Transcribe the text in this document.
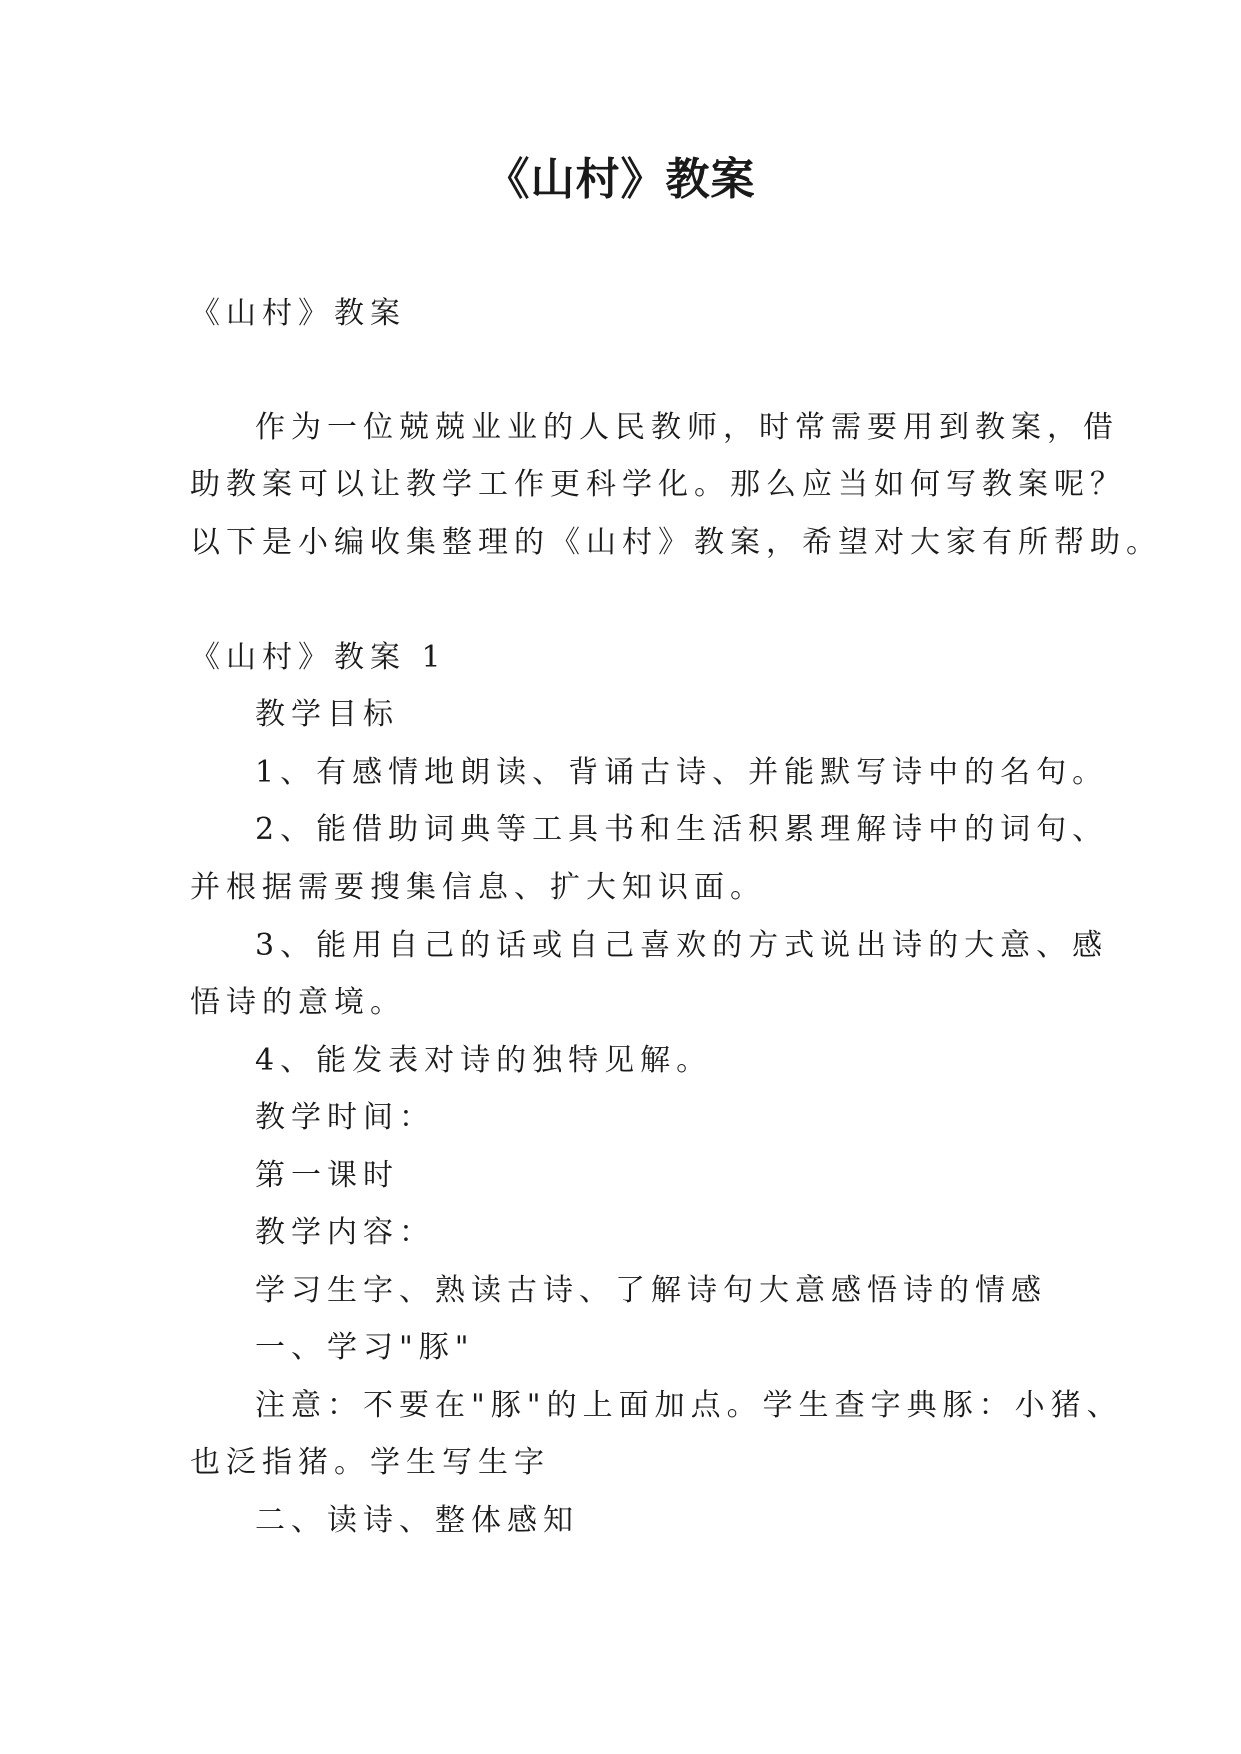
《山村》教案
《山村》教案
作为一位兢兢业业的人民教师，时常需要用到教案，借
助教案可以让教学工作更科学化。那么应当如何写教案呢？
以下是小编收集整理的《山村》教案，希望对大家有所帮助。
《山村》教案 1
教学目标
1、有感情地朗读、背诵古诗、并能默写诗中的名句。
2、能借助词典等工具书和生活积累理解诗中的词句、
并根据需要搜集信息、扩大知识面。
3、能用自己的话或自己喜欢的方式说出诗的大意、感
悟诗的意境。
4、能发表对诗的独特见解。
教学时间：
第一课时
教学内容：
学习生字、熟读古诗、了解诗句大意感悟诗的情感
一、学习"豚"
注意：不要在"豚"的上面加点。学生查字典豚：小猪、
也泛指猪。学生写生字
二、读诗、整体感知
